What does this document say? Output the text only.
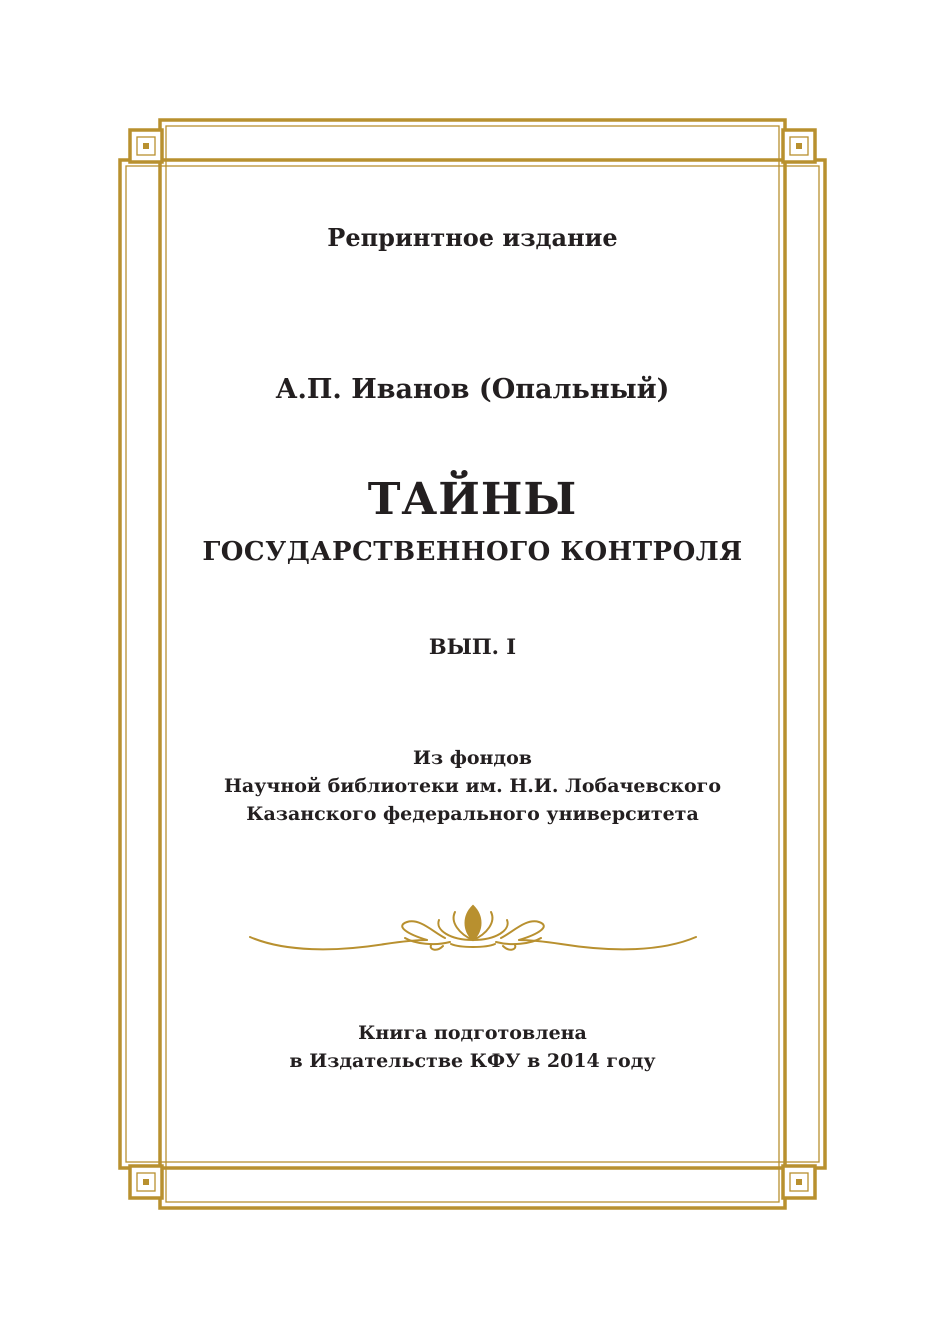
Репринтное издание
А.П. Иванов (Опальный)
ТАЙНЫ
ГОСУДАРСТВЕННОГО КОНТРОЛЯ
ВЫП. I
Из фондов
Научной библиотеки им. Н.И. Лобачевского
Казанского федерального университета
Книга подготовлена
в Издательстве КФУ в 2014 году
